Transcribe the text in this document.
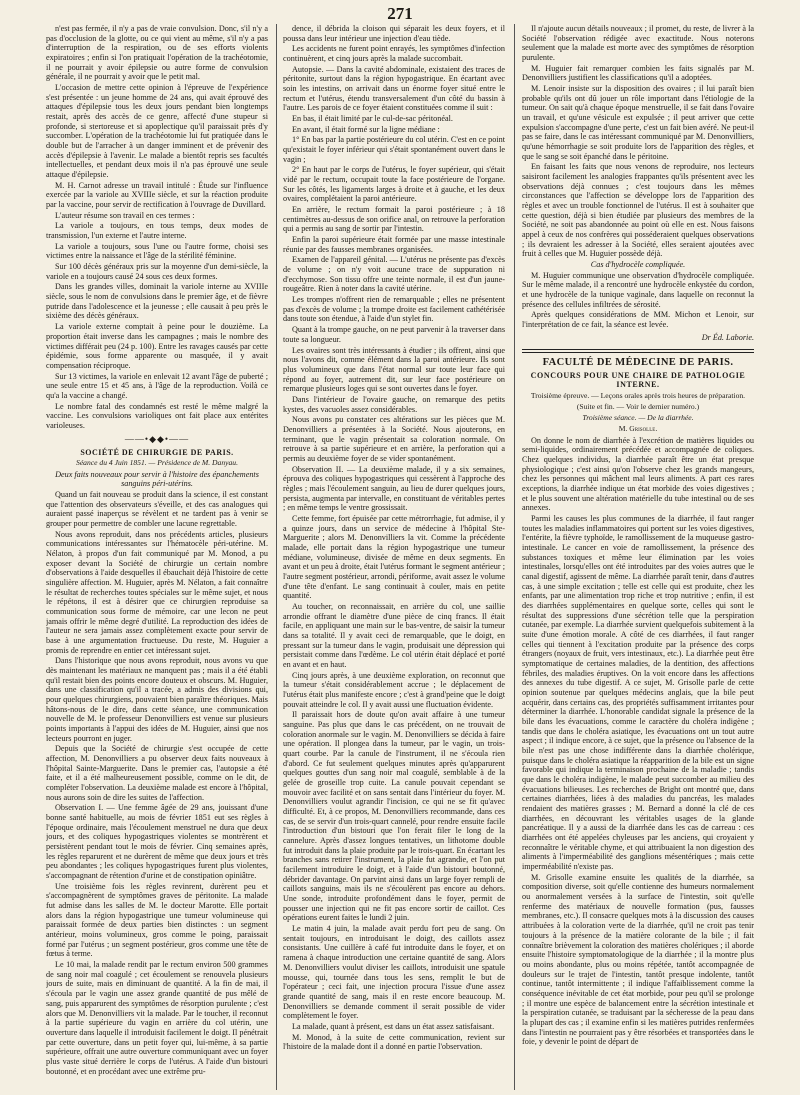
271

n'est pas fermée, il n'y a pas de vraie convulsion. Donc, s'il n'y a pas d'occlusion de la glotte, ou ce qui vient au même, s'il n'y a pas d'interruption de la respiration, ou de ses efforts violents expiratoires ; enfin si l'on pratiquait l'opération de la trachéotomie, il ne pourrait y avoir épilepsie ou autre forme de convulsion générale, il ne pourrait y avoir que le petit mal.

L'occasion de mettre cette opinion à l'épreuve de l'expérience s'est présentée : un jeune homme de 24 ans, qui avait éprouvé des attaques d'épilepsie tous les deux jours pendant bien longtemps restait, après des accès de ce genre, affecté d'une stupeur si profonde, si stertoreuse et si apoplectique qu'il paraissait près d'y succomber. L'opération de la trachéotomie lui fut pratiquée dans le double but de l'arracher à un danger imminent et de prévenir des accès d'épilepsie à l'avenir. Le malade a bientôt repris ses facultés intellectuelles, et pendant deux mois il n'a pas éprouvé une seule attaque d'épilepsie.

M. H. Carnot adresse un travail intitulé : Étude sur l'influence exercée par la variole au XVIIIe siècle, et sur la réaction produite par la vaccine, pour servir de rectification à l'ouvrage de Duvillard.

L'auteur résume son travail en ces termes :

La variole a toujours, en tous temps, deux modes de transmission, l'un externe et l'autre interne.

La variole a toujours, sous l'une ou l'autre forme, choisi ses victimes entre la naissance et l'âge de la stérilité féminine.

Sur 100 décès généraux pris sur la moyenne d'un demi-siècle, la variole en a toujours causé 24 sous ces deux formes.

Dans les grandes villes, dominait la variole interne au XVIIIe siècle, sous le nom de convulsions dans le premier âge, et de fièvre putride dans l'adolescence et la jeunesse ; elle causait à peu près le sixième des décès généraux.

La variole externe comptait à peine pour le douzième. La proportion était inverse dans les campagnes ; mais le nombre des victimes différait peu (24 p. 100). Entre les ravages causés par cette épidémie, sous forme apparente ou masquée, il y avait compensation réciproque.

Sur 13 victimes, la variole en enlevait 12 avant l'âge de puberté ; une seule entre 15 et 45 ans, à l'âge de la reproduction. Voilà ce qu'a la vaccine a changé.

Le nombre fatal des condamnés est resté le même malgré la vaccine. Les convulsions varioliques ont fait place aux entérites varioleuses.

——•◆◆•——
SOCIÉTÉ DE CHIRURGIE DE PARIS.
Séance du 4 Juin 1851. — Présidence de M. Danyau.

Deux faits nouveaux pour servir à l'histoire des épanchements sanguins péri-utérins.

Quand un fait nouveau se produit dans la science, il est constant que l'attention des observateurs s'éveille, et des cas analogues qui auraient passé inaperçus se révèlent et ne tardent pas à venir se grouper pour permettre de combler une lacune regrettable.

Nous avons reproduit, dans nos précédents articles, plusieurs communications intéressantes sur l'hématocèle péri-utérine. M. Nélaton, à propos d'un fait communiqué par M. Monod, a pu exposer devant la Société de chirurgie un certain nombre d'observations à l'aide desquelles il ébauchait déjà l'histoire de cette singulière affection. M. Huguier, après M. Nélaton, a fait connaître le résultat de recherches toutes spéciales sur le même sujet, et nous le répétons, il est à désirer que ce chirurgien reproduise sa communication sous forme de mémoire, car une lecon ne peut jamais offrir le même degré d'utilité. La reproduction des idées de l'auteur ne sera jamais assez complètement exacte pour servir de base à une argumentation fructueuse. Du reste, M. Huguier a promis de reprendre en entier cet intéressant sujet.

Dans l'historique que nous avons reproduit, nous avons vu que dès maintenant les matériaux ne manquent pas ; mais il a été établi qu'il restait bien des points encore douteux et obscurs. M. Huguier, dans une classification qu'il a tracée, a admis des divisions qui, pour quelques chirurgiens, pouvaient bien paraître théoriques. Mais hâtons-nous de le dire, dans cette séance, une communication nouvelle de M. le professeur Denonvilliers est venue sur plusieurs points importants à l'appui des idées de M. Huguier, ainsi que nos lecteurs pourront en juger.

Depuis que la Société de chirurgie s'est occupée de cette affection, M. Denonvilliers a pu observer deux faits nouveaux à l'hôpital Sainte-Marguerite. Dans le premier cas, l'autopsie a été faite, et il a été malheureusement possible, comme on le dit, de compléter l'observation. La deuxième malade est encore à l'hôpital, nous aurons soin de dire les suites de l'affection.

Observation I. — Une femme âgée de 29 ans, jouissant d'une bonne santé habituelle, au mois de février 1851 eut ses règles à l'époque ordinaire, mais l'écoulement menstruel ne dura que deux jours, et des coliques hypogastriques violentes se montrèrent et persistèrent pendant tout le mois de février. Cinq semaines après, les règles reparurent et ne durèrent de même que deux jours et très peu abondantes ; les coliques hypogastriques furent plus violentes, s'accompagnant de rétention d'urine et de constipation opiniâtre.

Une troisième fois les règles revinrent, durèrent peu et s'accompagnèrent de symptômes graves de péritonite. La malade fut admise dans les salles de M. le docteur Marotte. Elle portait alors dans la région hypogastrique une tumeur volumineuse qui paraissait formée de deux parties bien distinctes : un segment antérieur, moins volumineux, gros comme le poing, paraissait formé par l'utérus ; un segment postérieur, gros comme une tête de fœtus à terme.

Le 10 mai, la malade rendit par le rectum environ 500 grammes de sang noir mal coagulé ; cet écoulement se renouvela plusieurs jours de suite, mais en diminuant de quantité. A la fin de mai, il s'écoula par le vagin une assez grande quantité de pus mêlé de sang, puis apparurent des symptômes de résorption purulente ; c'est alors que M. Denonvilliers vit la malade. Par le toucher, il reconnut à la partie supérieure du vagin en arrière du col utérin, une ouverture dans laquelle il introduisit facilement le doigt. Il pénétrait par cette ouverture, dans un petit foyer qui, lui-même, à sa partie supérieure, offrait une autre ouverture communiquant avec un foyer plus vaste situé derrière le corps de l'utérus. A l'aide d'un bistouri boutonné, et en procédant avec une extrême pru-

dence, il débrida la cloison qui séparait les deux foyers, et il poussa dans leur intérieur une injection d'eau tiède.

Les accidents ne furent point enrayés, les symptômes d'infection continuèrent, et cinq jours après la malade succombait.

Autopsie. — Dans la cavité abdominale, existaient des traces de péritonite, surtout dans la région hypogastrique. En écartant avec soin les intestins, on arrivait dans un énorme foyer situé entre le rectum et l'utérus, étendu transversalement d'un côté du bassin à l'autre. Les parois de ce foyer étaient constituées comme il suit :

En bas, il était limité par le cul-de-sac péritonéal.

En avant, il était formé sur la ligne médiane :

1° En bas par la partie postérieure du col utérin. C'est en ce point qu'existait le foyer inférieur qui s'était spontanément ouvert dans le vagin ;

2° En haut par le corps de l'utérus, le foyer supérieur, qui s'était vidé par le rectum, occupait toute la face postérieure de l'organe. Sur les côtés, les ligaments larges à droite et à gauche, et les deux ovaires, complétaient la paroi antérieure.

En arrière, le rectum formait la paroi postérieure ; à 18 centimètres au-dessus de son orifice anal, on retrouve la perforation qui a permis au sang de sortir par l'intestin.

Enfin la paroi supérieure était formée par une masse intestinale réunie par des fausses membranes organisées.

Examen de l'appareil génital. — L'utérus ne présente pas d'excès de volume ; on n'y voit aucune trace de suppuration ni d'ecchymose. Son tissu offre une teinte normale, il est d'un jaune-rougeâtre. Rien à noter dans la cavité utérine.

Les trompes n'offrent rien de remarquable ; elles ne présentent pas d'excès de volume ; la trompe droite est facilement cathétérisée dans toute son étendue, à l'aide d'un stylet fin.

Quant à la trompe gauche, on ne peut parvenir à la traverser dans toute sa longueur.

Les ovaires sont très intéressants à étudier ; ils offrent, ainsi que nous l'avons dit, comme élément dans la paroi antérieure. Ils sont plus volumineux que dans l'état normal sur toute leur face qui répond au foyer, autrement dit, sur leur face postérieure on remarque plusieurs loges qui se sont ouvertes dans le foyer.

Dans l'intérieur de l'ovaire gauche, on remarque des petits kystes, des vacuoles assez considérables.

Nous avons pu constater ces altérations sur les pièces que M. Denonvilliers a présentées à la Société. Nous ajouterons, en terminant, que le vagin présentait sa coloration normale. On retrouve à sa partie supérieure et en arrière, la perforation qui a permis au deuxième foyer de se vider spontanément.

Observation II. — La deuxième malade, il y a six semaines, éprouva des coliques hypogastriques qui cessèrent à l'approche des règles ; mais l'écoulement sanguin, au lieu de durer quelques jours, persista, augmenta par intervalle, en constituant de véritables pertes ; en même temps le ventre grossissait.

Cette femme, fort épuisée par cette métrorrhagie, fut admise, il y a quinze jours, dans un service de médecine à l'hôpital Ste-Marguerite ; alors M. Denonvilliers la vit. Comme la précédente malade, elle portait dans la région hypogastrique une tumeur médiane, volumineuse, divisée de même en deux segments. En avant et un peu à droite, était l'utérus formant le segment antérieur ; l'autre segment postérieur, arrondi, périforme, avait assez le volume d'une tête d'enfant. Le sang continuait à couler, mais en petite quantité.

Au toucher, on reconnaissait, en arrière du col, une saillie arrondie offrant le diamètre d'une pièce de cinq francs. Il était facile, en appliquant une main sur le bas-ventre, de saisir la tumeur dans sa totalité. Il y avait ceci de remarquable, que le doigt, en pressant sur la tumeur dans le vagin, produisait une dépression qui persistait comme dans l'œdème. Le col utérin était déplacé et porté en avant et en haut.

Cinq jours après, à une deuxième exploration, on reconnut que la tumeur s'était considérablement accrue ; le déplacement de l'utérus était plus manifeste encore ; c'est à grand'peine que le doigt pouvait atteindre le col. Il y avait aussi une fluctuation évidente.

Il paraissait hors de doute qu'on avait affaire à une tumeur sanguine. Pas plus que dans le cas précédent, on ne trouvait de coloration anormale sur le vagin. M. Denonvilliers se décida à faire une opération. Il plongea dans la tumeur, par le vagin, un trois-quart courbe. Par la canule de l'instrument, il ne s'écoula rien d'abord. Ce fut seulement quelques minutes après qu'apparurent quelques gouttes d'un sang noir mal coagulé, semblable à de la gelée de groseille trop cuite. La canule pouvait cependant se mouvoir avec facilité et on sans sentait dans l'intérieur du foyer. M. Denonvilliers voulut agrandir l'incision, ce qui ne se fit qu'avec difficulté. Et, à ce propos, M. Denonvilliers recommande, dans ces cas, de se servir d'un trois-quart cannelé, pour rendre ensuite facile l'introduction d'un bistouri que l'on ferait filer le long de la cannelure. Après d'assez longues tentatives, un lithotome double fut introduit dans la plaie produite par le trois-quart. En écartant les branches sans retirer l'instrument, la plaie fut agrandie, et l'on put facilement introduire le doigt, et à l'aide d'un bistouri boutonné, débrider davantage. On parvint ainsi dans un large foyer rempli de caillots sanguins, mais ils ne s'écoulèrent pas encore au dehors. Une sonde, introduite profondément dans le foyer, permit de pousser une injection qui ne fit pas encore sortir de caillot. Ces opérations eurent faites le lundi 2 juin.

Le matin 4 juin, la malade avait perdu fort peu de sang. On sentait toujours, en introduisant le doigt, des caillots assez consistants. Une cuillère à café fut introduite dans le foyer, et on ramena à chaque introduction une certaine quantité de sang. Alors M. Denonvilliers voulut diviser les caillots, introduisit une spatule mousse, qui, tournée dans tous les sens, remplit le but de l'opérateur ; ceci fait, une injection procura l'issue d'une assez grande quantité de sang, mais il en reste encore beaucoup. M. Denonvilliers se demande comment il serait possible de vider complètement le foyer.

La malade, quant à présent, est dans un état assez satisfaisant.

M. Monod, à la suite de cette communication, revient sur l'histoire de la malade dont il a donné en partie l'observation.

Il n'ajoute aucun détails nouveaux ; il promet, du reste, de livrer à la Société l'observation rédigée avec exactitude. Nous noterons seulement que la malade est morte avec des symptômes de résorption purulente.

M. Huguier fait remarquer combien les faits signalés par M. Denonvilliers justifient les classifications qu'il a adoptées.

M. Lenoir insiste sur la disposition des ovaires ; il lui paraît bien probable qu'ils ont dû jouer un rôle important dans l'étiologie de la tumeur. On sait qu'à chaque époque menstruelle, il se fait dans l'ovaire un travail, et qu'une vésicule est expulsée ; il peut arriver que cette expulsion s'accompagne d'une perte, c'est un fait bien avéré. Ne peut-il pas se faire, dans le cas intéressant communiqué par M. Denonvilliers, qu'une hémorrhagie se soit produite lors de l'apparition des règles, et que le sang se soit épanché dans le péritoine.

En faisant les faits que nous venons de reproduire, nos lecteurs saisiront facilement les analogies frappantes qu'ils présentent avec les observations déjà connues ; c'est toujours dans les mêmes circonstances que l'affection se développe lors de l'apparition des règles et avec un trouble fonctionnel de l'utérus. Il est à souhaiter que cette question, déjà si bien étudiée par plusieurs des membres de la Société, ne soit pas abandonnée au point où elle en est. Nous faisons appel à ceux de nos confrères qui posséderaient quelques observations ; ils devraient les adresser à la Société, elles seraient ajoutées avec fruit à celles que M. Huguier possède déjà.

Cas d'hydrocèle compliquée.

M. Huguier communique une observation d'hydrocèle compliquée. Sur le même malade, il a rencontré une hydrocèle enkystée du cordon, et une hydrocèle de la tunique vaginale, dans laquelle on reconnut la présence des cellules infiltrées de sérosité.

Après quelques considérations de MM. Michon et Lenoir, sur l'interprétation de ce fait, la séance est levée.

Dr Éd. Laborie.
FACULTÉ DE MÉDECINE DE PARIS.
CONCOURS POUR UNE CHAIRE DE PATHOLOGIE INTERNE.
Troisième épreuve. — Leçons orales après trois heures de préparation.
(Suite et fin. — Voir le dernier numéro.)
Troisième séance. — De la diarrhée.
M. Grisolle.

On donne le nom de diarrhée à l'excrétion de matières liquides ou semi-liquides, ordinairement précédée et accompagnée de coliques. Chez quelques individus, la diarrhée paraît être un état presque physiologique ; c'est ainsi qu'on l'observe chez les grands mangeurs, chez les personnes qui mâchent mal leurs aliments. A part ces rares exceptions, la diarrhée indique un état morbide des voies digestives ; et le plus souvent une altération matérielle du tube intestinal ou de ses annexes.

Parmi les causes les plus communes de la diarrhée, il faut ranger toutes les maladies inflammatoires qui portent sur les voies digestives, l'entérite, la fièvre typhoïde, le ramollissement de la muqueuse gastro-intestinale. Le cancer en voie de ramollissement, la présence des substances toxiques et même leur élimination par les voies intestinales, lorsqu'elles ont été introduites par des voies autres que le canal digestif, agissent de même. La diarrhée paraît tenir, dans d'autres cas, à une simple excitation ; telle est celle qui est produite, chez les enfants, par une alimentation trop riche et trop nutritive ; enfin, il est des diarrhées supplémentaires en quelque sorte, celles qui sont le résultat des suppressions d'une sécrétion telle que la perspiration cutanée, par exemple. La diarrhée survient quelquefois subitement à la suite d'une émotion morale. A côté de ces diarrhées, il faut ranger celles qui tiennent à l'excitation produite par la présence des corps étrangers (noyaux de fruit, vers intestinaux, etc.). La diarrhée peut être symptomatique de certaines maladies, de la dentition, des affections fébriles, des maladies éruptives. On la voit encore dans les affections des annexes du tube digestif. A ce sujet, M. Grisolle parle de cette opinion soutenue par quelques médecins anglais, que la bile peut acquérir, dans certains cas, des propriétés suffisamment irritantes pour déterminer la diarrhée. L'honorable candidat signale la présence de la bile dans les évacuations, comme le caractère du choléra indigène ; tandis que dans le choléra asiatique, les évacuations ont un tout autre aspect ; il indique encore, à ce sujet, que la présence ou l'absence de la bile n'est pas une chose indifférente dans la diarrhée cholérique, puisque dans le choléra asiatique la réapparition de la bile est un signe favorable qui indique la terminaison prochaine de la maladie ; tandis que dans le choléra indigène, le malade peut succomber au milieu des évacuations bilieuses. Les recherches de Bright ont montré que, dans certaines diarrhées, liées à des maladies du pancréas, les malades rendaient des matières grasses ; M. Bernard a donné la clé de ces diarrhées, en découvrant les véritables usages de la glande pancréatique. Il y a aussi de la diarrhée dans les cas de carreau : ces diarrhées ont été appelées chyleuses par les anciens, qui croyaient y reconnaître le véritable chyme, et qui attribuaient la non digestion des aliments à l'imperméabilité des ganglions mésentériques ; mais cette imperméabilité n'existe pas.

M. Grisolle examine ensuite les qualités de la diarrhée, sa composition diverse, soit qu'elle contienne des humeurs normalement ou anormalement versées à la surface de l'intestin, soit qu'elle renferme des matériaux de nouvelle formation (pus, fausses membranes, etc.). Il consacre quelques mots à la discussion des causes attribuées à la coloration verte de la diarrhée, qu'il ne croit pas tenir toujours à la présence de la matière colorante de la bile ; il fait connaître brièvement la coloration des matières cholériques ; il aborde ensuite l'histoire symptomatologique de la diarrhée ; il la montre plus ou moins abondante, plus ou moins répétée, tantôt accompagnée de douleurs sur le trajet de l'intestin, tantôt presque indolente, tantôt continue, tantôt intermittente ; il indique l'affaiblissement comme la conséquence inévitable de cet état morbide, pour peu qu'il se prolonge ; il montre une espèce de balancement entre la sécrétion intestinale et la perspiration cutanée, se traduisant par la sécheresse de la peau dans la plupart des cas ; il examine enfin si les matières putrides renfermées dans l'intestin ne pourraient pas y être résorbées et transportées dans le foie, y devenir le point de départ de
